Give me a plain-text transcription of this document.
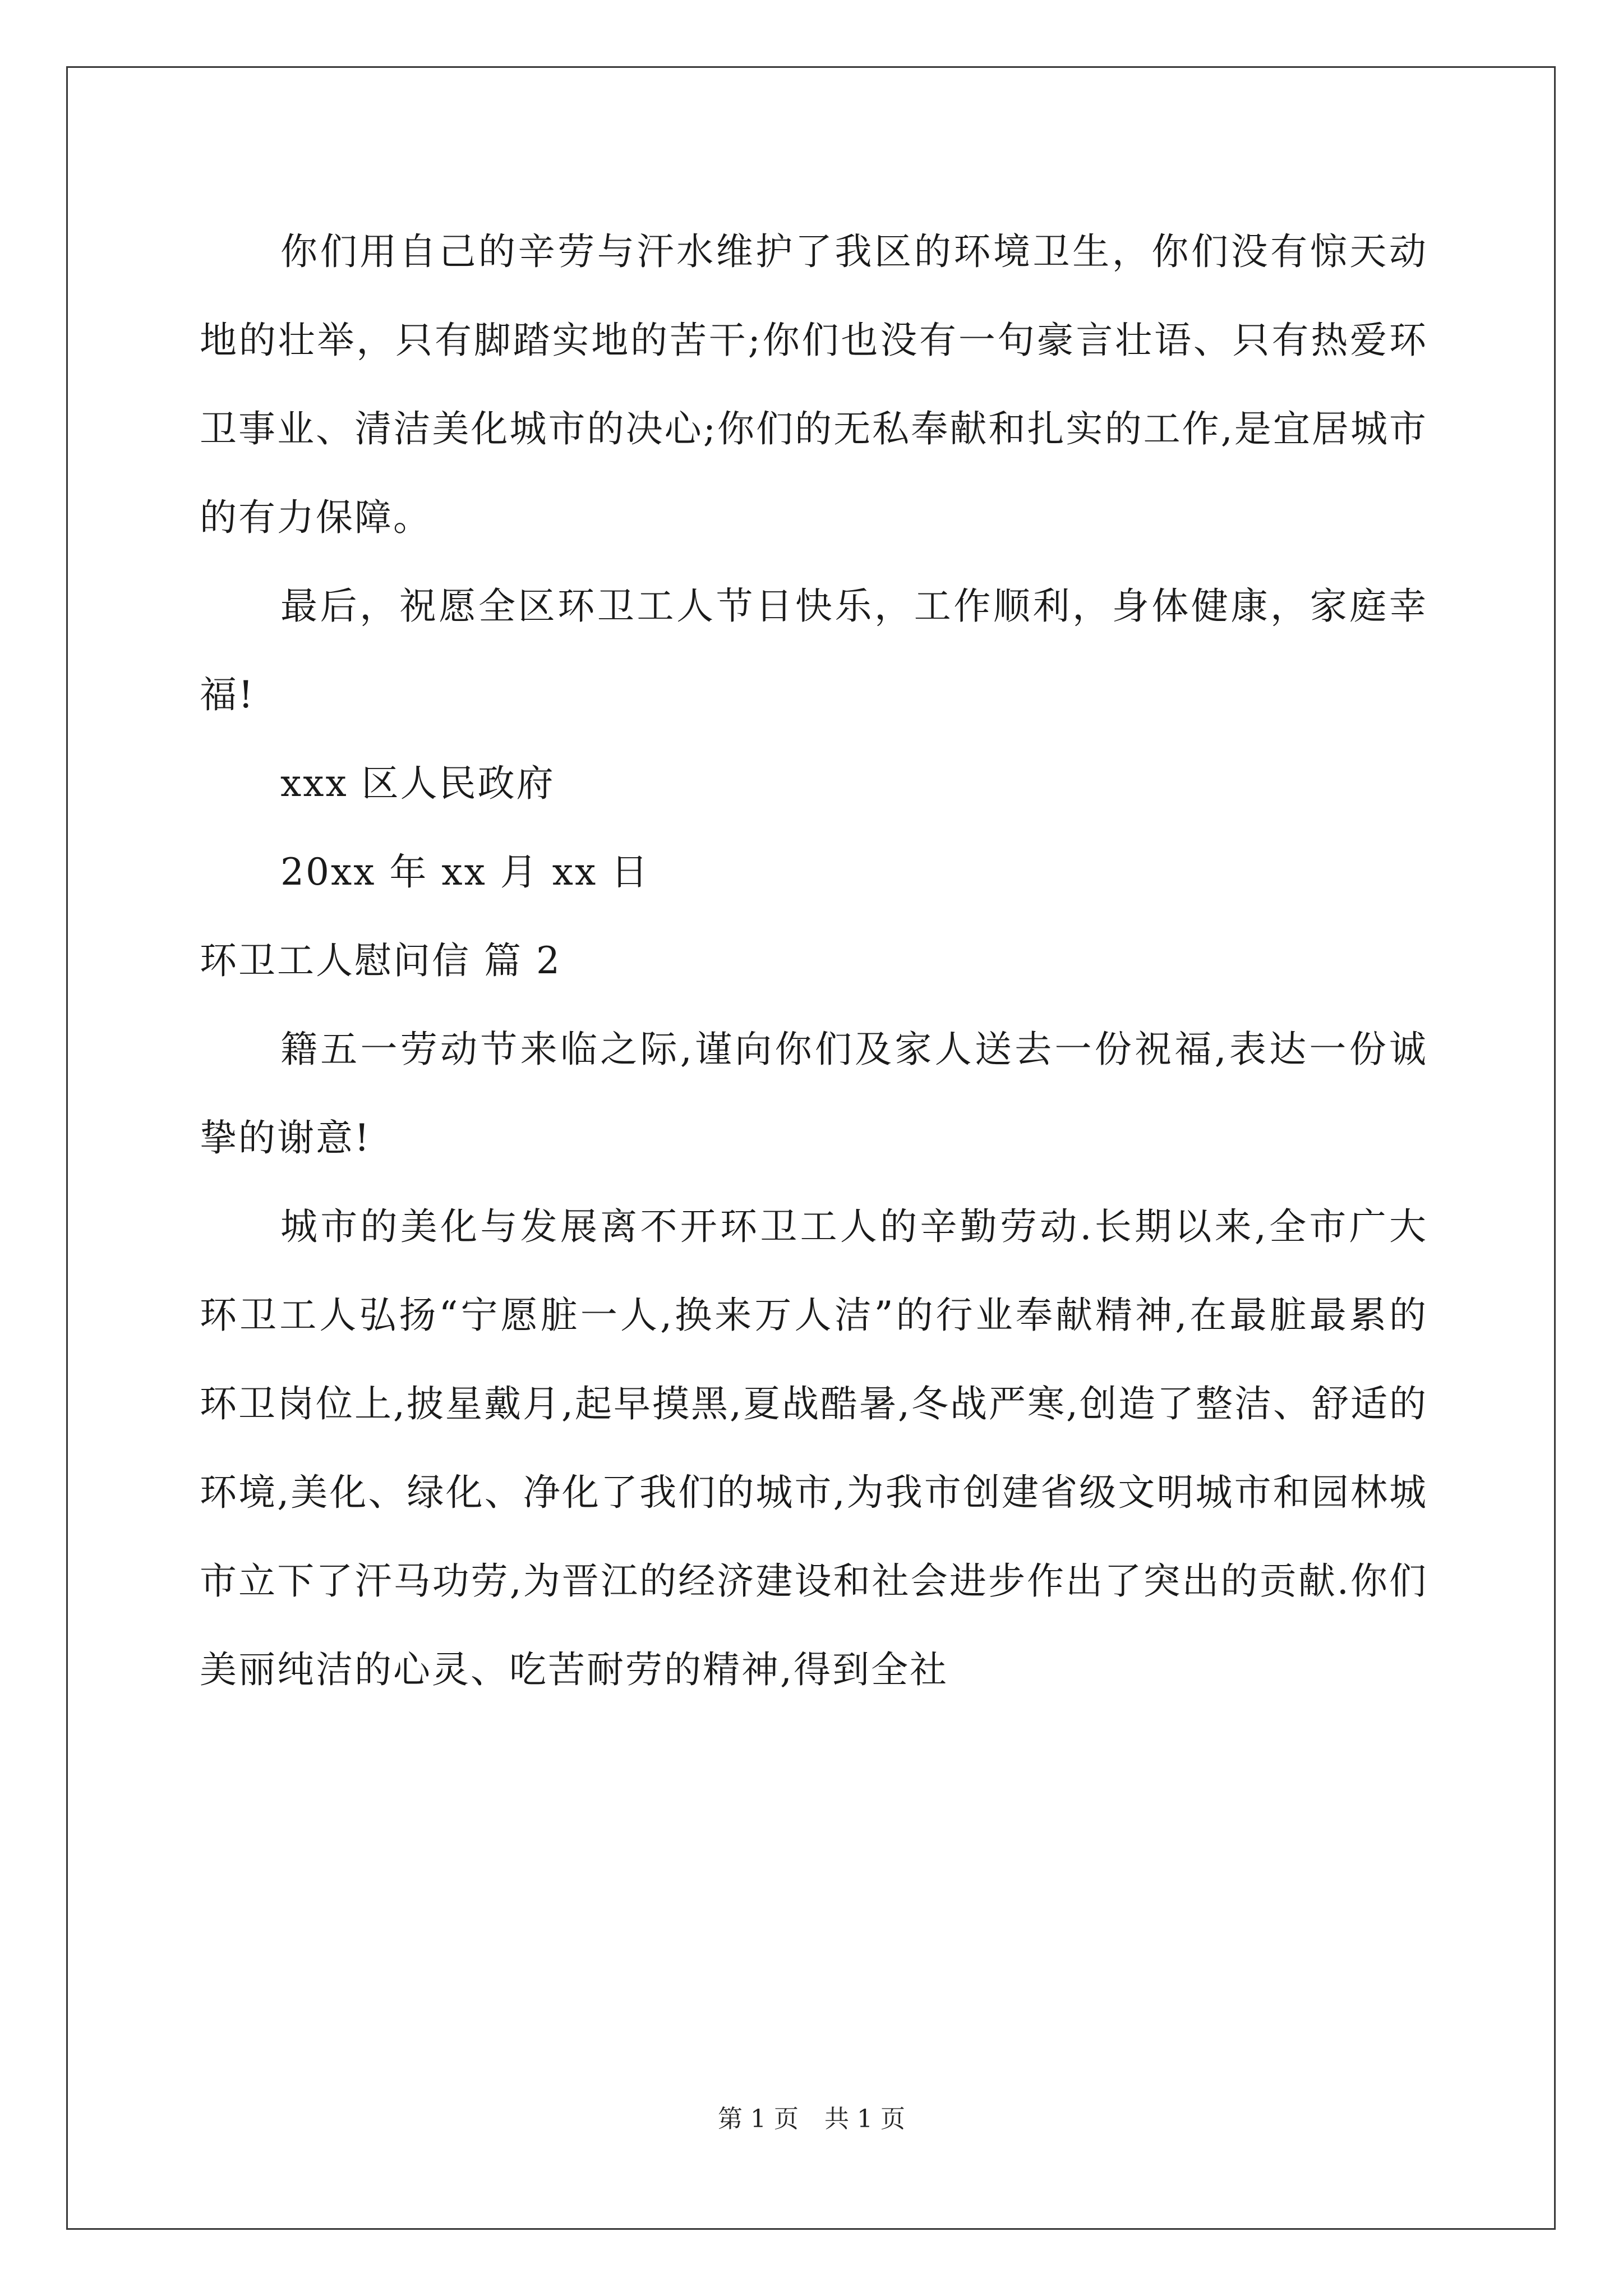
你们用自己的辛劳与汗水维护了我区的环境卫生，你们没有惊天动地的壮举，只有脚踏实地的苦干;你们也没有一句豪言壮语、只有热爱环卫事业、清洁美化城市的决心;你们的无私奉献和扎实的工作,是宜居城市的有力保障。

最后，祝愿全区环卫工人节日快乐，工作顺利，身体健康，家庭幸福!

xxx 区人民政府

20xx 年 xx 月 xx 日

环卫工人慰问信 篇 2

籍五一劳动节来临之际,谨向你们及家人送去一份祝福,表达一份诚挚的谢意!

城市的美化与发展离不开环卫工人的辛勤劳动.长期以来,全市广大环卫工人弘扬“宁愿脏一人,换来万人洁”的行业奉献精神,在最脏最累的环卫岗位上,披星戴月,起早摸黑,夏战酷暑,冬战严寒,创造了整洁、舒适的环境,美化、绿化、净化了我们的城市,为我市创建省级文明城市和园林城市立下了汗马功劳,为晋江的经济建设和社会进步作出了突出的贡献.你们美丽纯洁的心灵、吃苦耐劳的精神,得到全社

第 1 页 共 1 页
